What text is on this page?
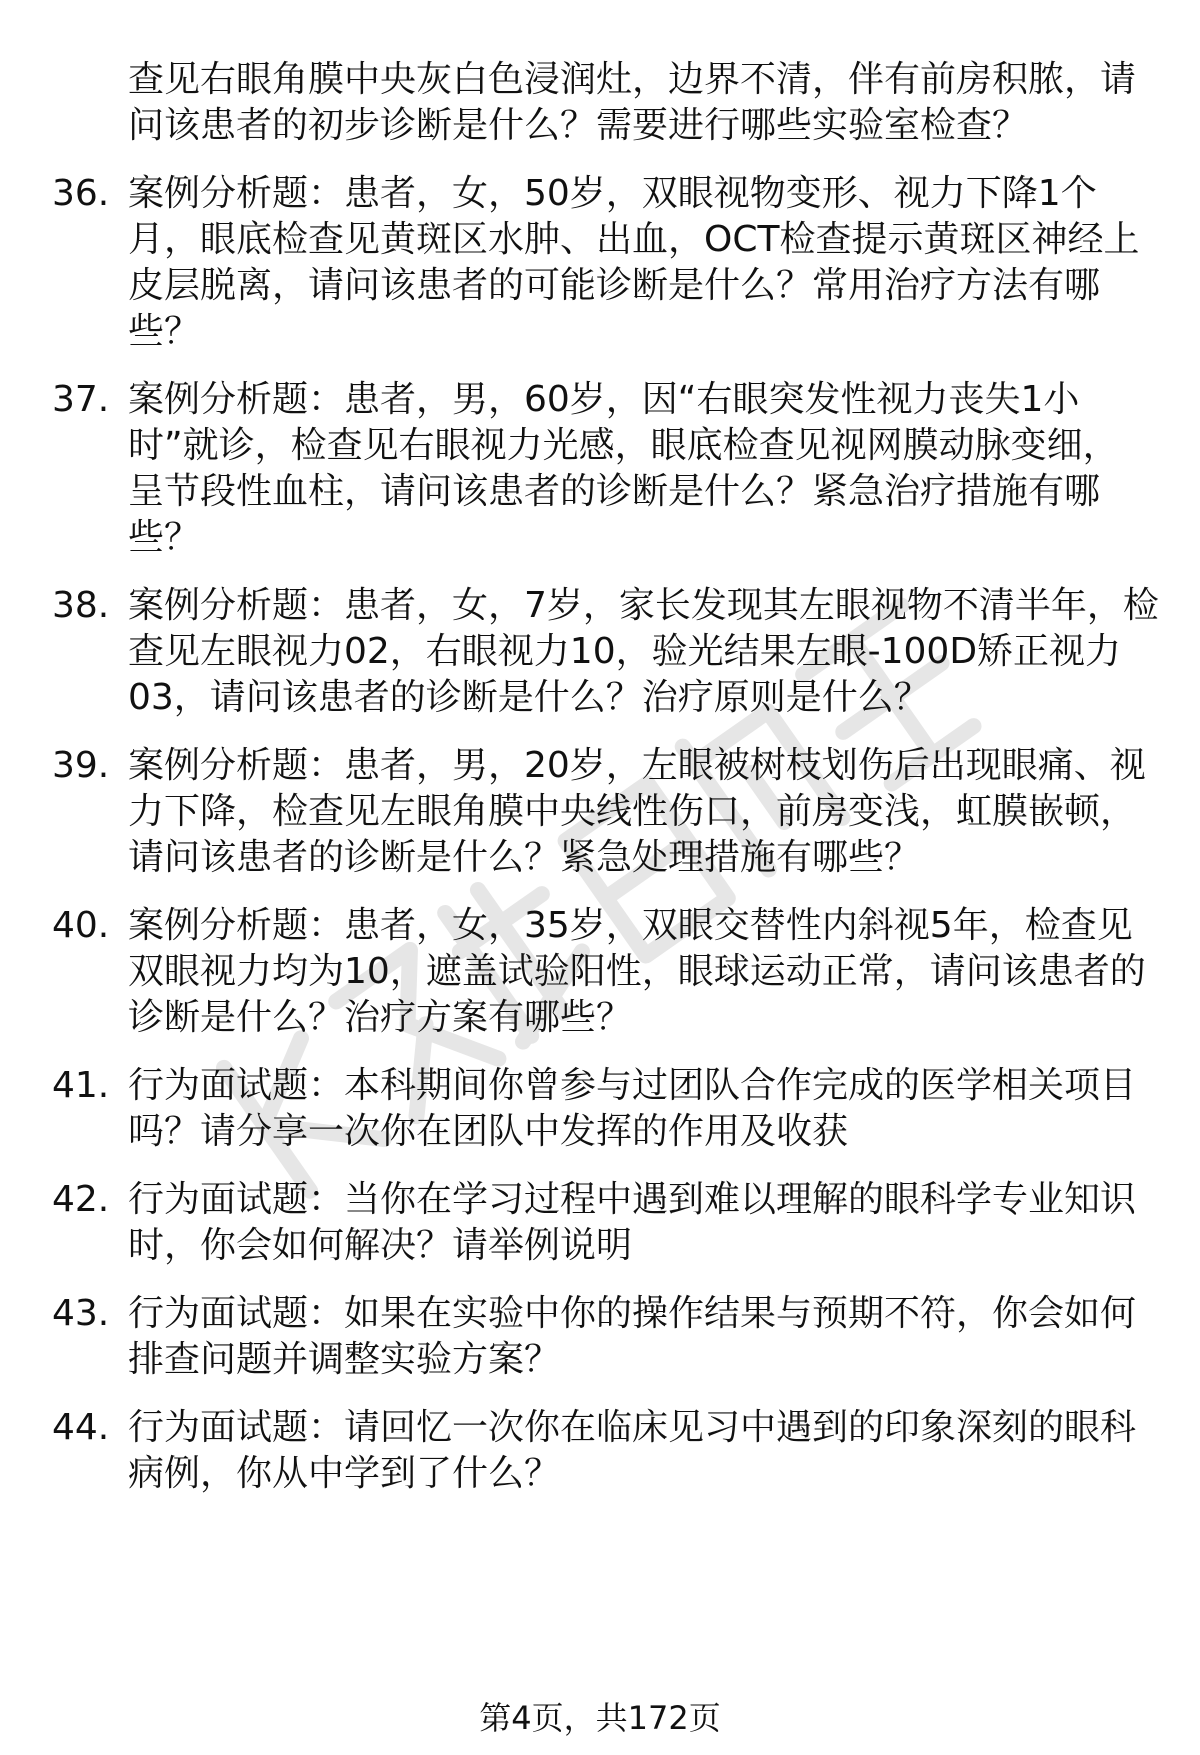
查见右眼角膜中央灰白色浸润灶，边界不清，伴有前房积脓，请
问该患者的初步诊断是什么？需要进行哪些实验室检查？
36. 案例分析题：患者，女，50岁，双眼视物变形、视力下降1个
月，眼底检查见黄斑区水肿、出血，OCT检查提示黄斑区神经上
皮层脱离，请问该患者的可能诊断是什么？常用治疗方法有哪
些？
37. 案例分析题：患者，男，60岁，因“右眼突发性视力丧失1小
时”就诊，检查见右眼视力光感，眼底检查见视网膜动脉变细，
呈节段性血柱，请问该患者的诊断是什么？紧急治疗措施有哪
些？
38. 案例分析题：患者，女，7岁，家长发现其左眼视物不清半年，检
查见左眼视力02，右眼视力10，验光结果左眼-100D矫正视力
03，请问该患者的诊断是什么？治疗原则是什么？
39. 案例分析题：患者，男，20岁，左眼被树枝划伤后出现眼痛、视
力下降，检查见左眼角膜中央线性伤口，前房变浅，虹膜嵌顿，
请问该患者的诊断是什么？紧急处理措施有哪些？
40. 案例分析题：患者，女，35岁，双眼交替性内斜视5年，检查见
双眼视力均为10，遮盖试验阳性，眼球运动正常，请问该患者的
诊断是什么？治疗方案有哪些？
41. 行为面试题：本科期间你曾参与过团队合作完成的医学相关项目
吗？请分享一次你在团队中发挥的作用及收获
42. 行为面试题：当你在学习过程中遇到难以理解的眼科学专业知识
时，你会如何解决？请举例说明
43. 行为面试题：如果在实验中你的操作结果与预期不符，你会如何
排查问题并调整实验方案？
44. 行为面试题：请回忆一次你在临床见习中遇到的印象深刻的眼科
病例，你从中学到了什么？
第4页，共172页
